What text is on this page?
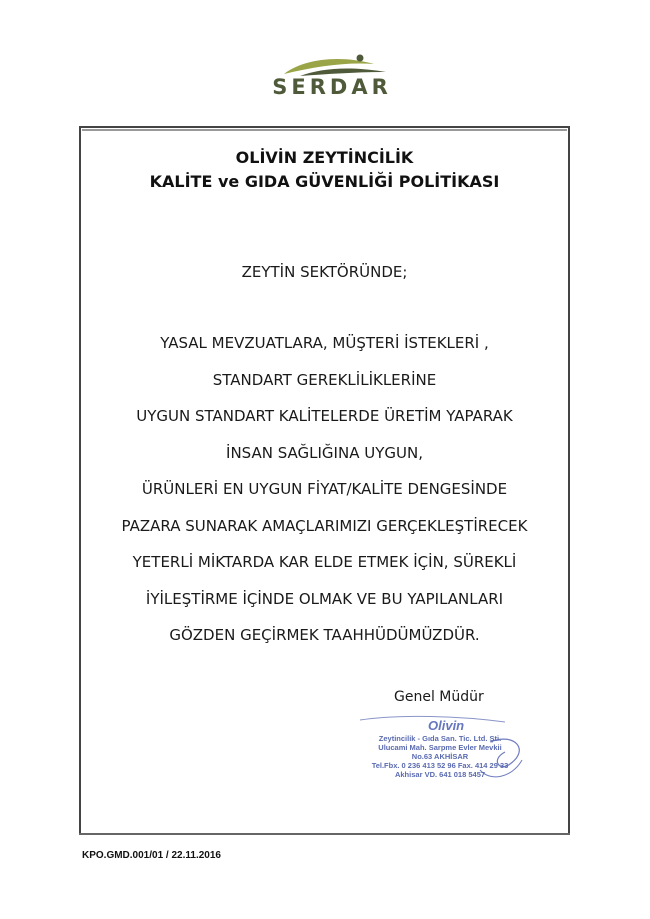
SERDAR
OLİVİN ZEYTİNCİLİK
KALİTE ve GIDA GÜVENLİĞİ POLİTİKASI
ZEYTİN SEKTÖRÜNDE;
YASAL MEVZUATLARA, MÜŞTERİ İSTEKLERİ ,
STANDART GEREKLİLİKLERİNE
UYGUN STANDART KALİTELERDE ÜRETİM YAPARAK
İNSAN SAĞLIĞINA UYGUN,
ÜRÜNLERİ EN UYGUN FİYAT/KALİTE DENGESİNDE
PAZARA SUNARAK AMAÇLARIMIZI GERÇEKLEŞTİRECEK
YETERLİ MİKTARDA KAR ELDE ETMEK İÇİN, SÜREKLİ
İYİLEŞTİRME İÇİNDE OLMAK VE BU YAPILANLARI
GÖZDEN GEÇİRMEK TAAHHÜDÜMÜZDÜR.
Genel Müdür
Olivin
Zeytincilik - Gıda San. Tic. Ltd. Şti.
Ulucami Mah. Sarpme Evler Mevkii
No.63 AKHİSAR
Tel.Fbx. 0 236 413 52 96 Fax. 414 29 33
Akhisar VD. 641 018 5457
KPO.GMD.001/01 / 22.11.2016
